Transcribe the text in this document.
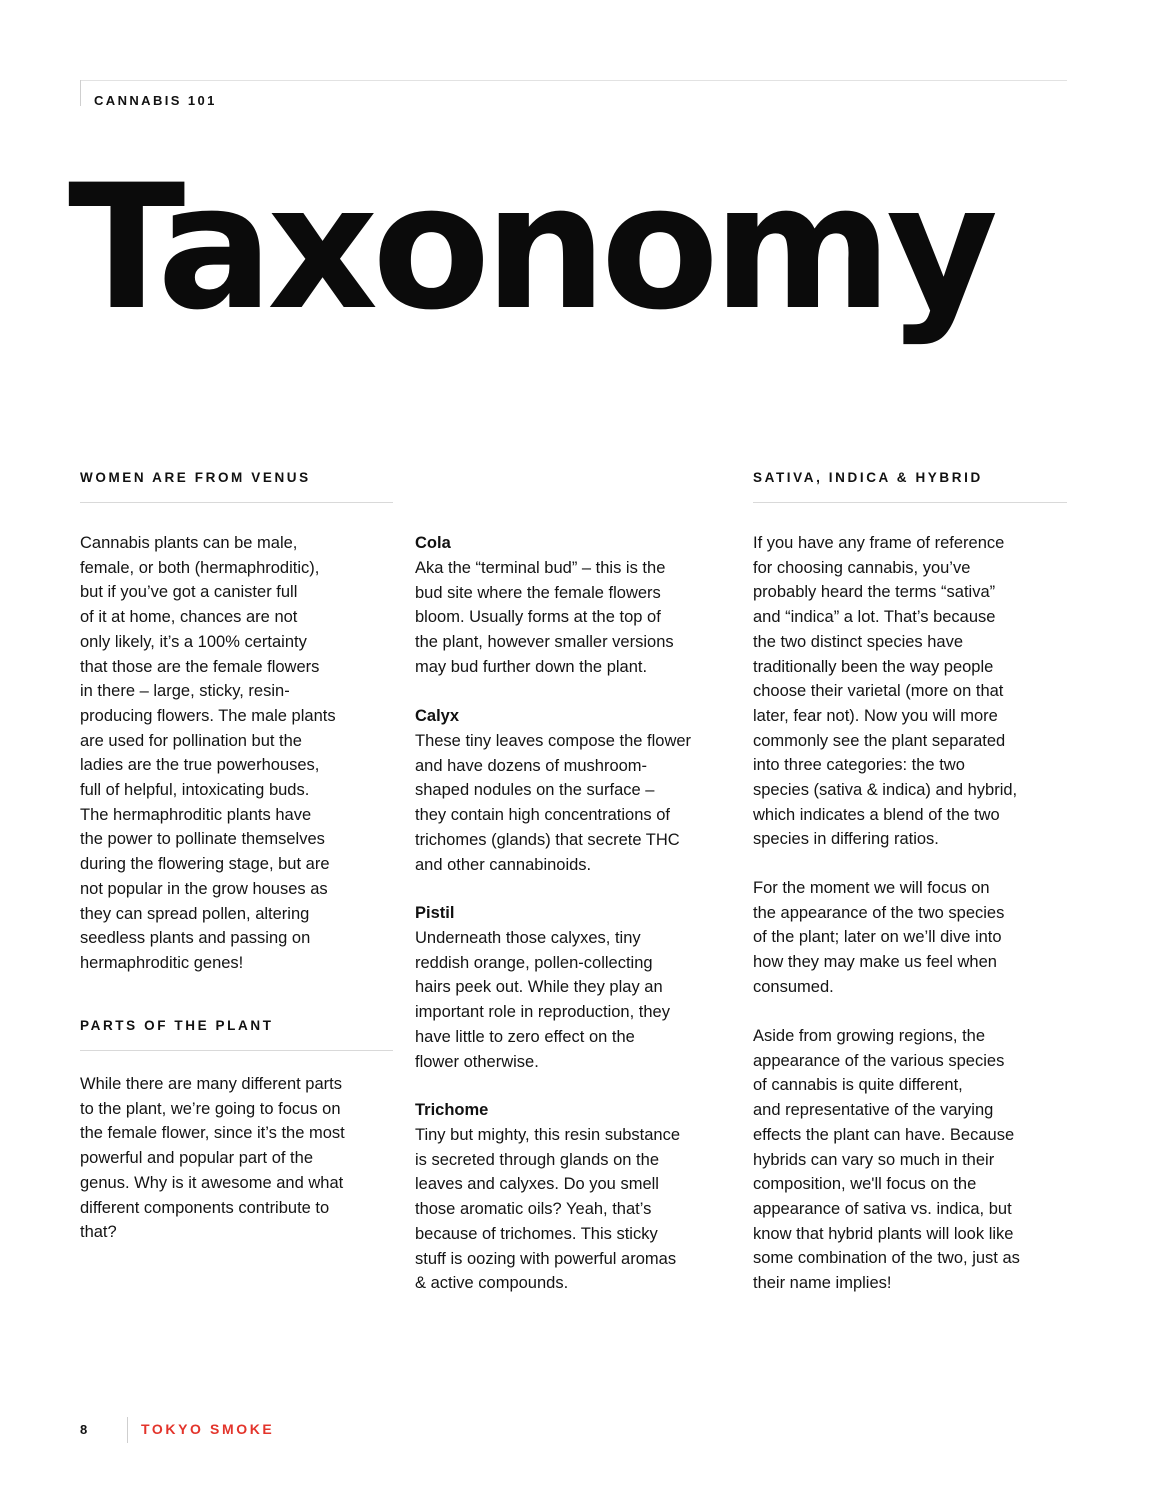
CANNABIS 101
Taxonomy
WOMEN ARE FROM VENUS

Cannabis plants can be male,
female, or both (hermaphroditic),
but if you’ve got a canister full
of it at home, chances are not
only likely, it’s a 100% certainty
that those are the female flowers
in there – large, sticky, resin-
producing flowers. The male plants
are used for pollination but the
ladies are the true powerhouses,
full of helpful, intoxicating buds.
The hermaphroditic plants have
the power to pollinate themselves
during the flowering stage, but are
not popular in the grow houses as
they can spread pollen, altering
seedless plants and passing on
hermaphroditic genes!

PARTS OF THE PLANT

While there are many different parts
to the plant, we’re going to focus on
the female flower, since it’s the most
powerful and popular part of the
genus. Why is it awesome and what
different components contribute to
that?

Cola

Aka the “terminal bud” – this is the
bud site where the female flowers
bloom. Usually forms at the top of
the plant, however smaller versions
may bud further down the plant.

Calyx

These tiny leaves compose the flower
and have dozens of mushroom-
shaped nodules on the surface –
they contain high concentrations of
trichomes (glands) that secrete THC
and other cannabinoids.

Pistil

Underneath those calyxes, tiny
reddish orange, pollen-collecting
hairs peek out. While they play an
important role in reproduction, they
have little to zero effect on the
flower otherwise.

Trichome

Tiny but mighty, this resin substance
is secreted through glands on the
leaves and calyxes. Do you smell
those aromatic oils? Yeah, that’s
because of trichomes. This sticky
stuff is oozing with powerful aromas
& active compounds.

SATIVA, INDICA & HYBRID

If you have any frame of reference
for choosing cannabis, you’ve
probably heard the terms “sativa”
and “indica” a lot. That’s because
the two distinct species have
traditionally been the way people
choose their varietal (more on that
later, fear not). Now you will more
commonly see the plant separated
into three categories: the two
species (sativa & indica) and hybrid,
which indicates a blend of the two
species in differing ratios.

For the moment we will focus on
the appearance of the two species
of the plant; later on we’ll dive into
how they may make us feel when
consumed.

Aside from growing regions, the
appearance of the various species
of cannabis is quite different,
and representative of the varying
effects the plant can have. Because
hybrids can vary so much in their
composition, we'll focus on the
appearance of sativa vs. indica, but
know that hybrid plants will look like
some combination of the two, just as
their name implies!

8	TOKYO SMOKE
